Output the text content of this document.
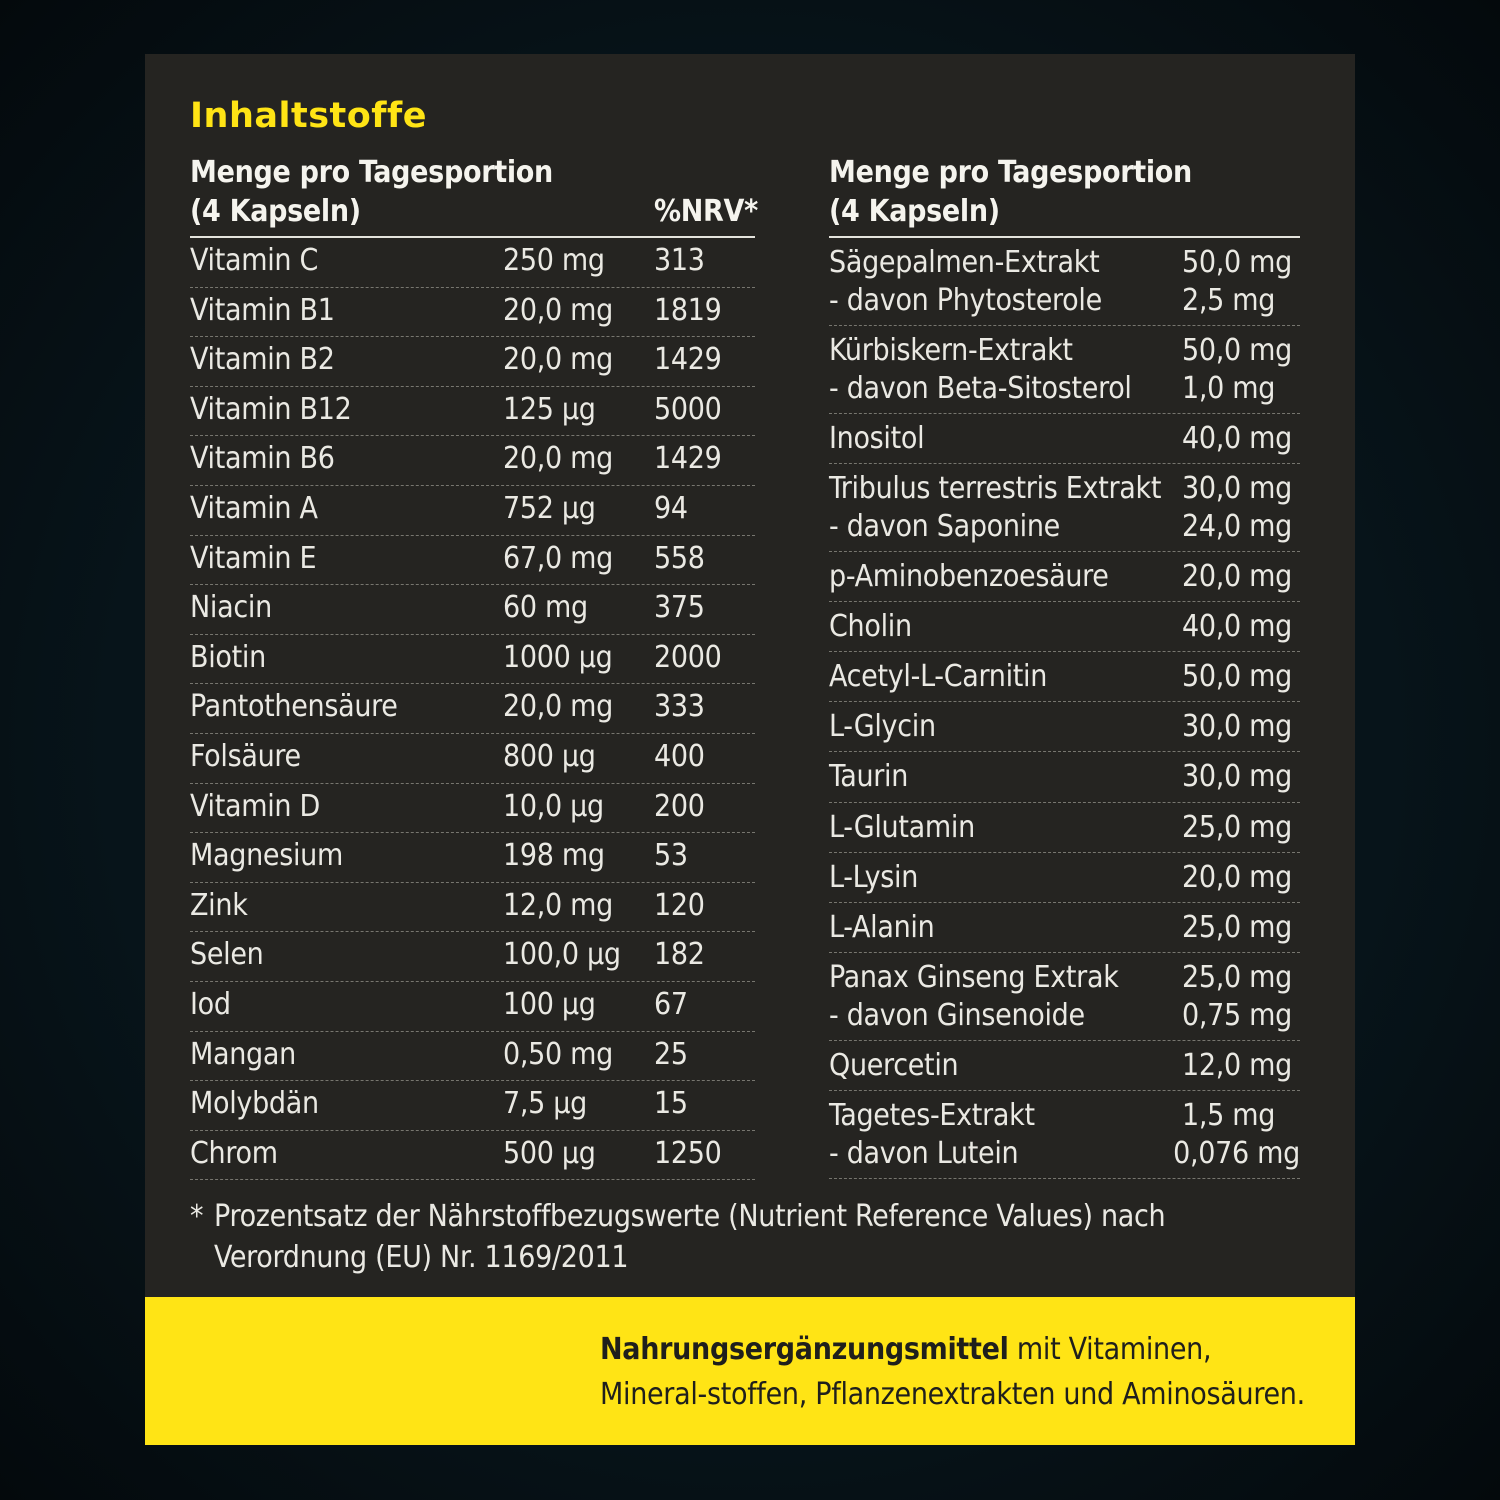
Inhaltstoffe
Menge pro Tagesportion
(4 Kapseln)	%NRV*
Vitamin C	250 mg	313
Vitamin B1	20,0 mg	1819
Vitamin B2	20,0 mg	1429
Vitamin B12	125 µg	5000
Vitamin B6	20,0 mg	1429
Vitamin A	752 µg	94
Vitamin E	67,0 mg	558
Niacin	60 mg	375
Biotin	1000 µg	2000
Pantothensäure	20,0 mg	333
Folsäure	800 µg	400
Vitamin D	10,0 µg	200
Magnesium	198 mg	53
Zink	12,0 mg	120
Selen	100,0 µg	182
Iod	100 µg	67
Mangan	0,50 mg	25
Molybdän	7,5 µg	15
Chrom	500 µg	1250
Menge pro Tagesportion
(4 Kapseln)
Sägepalmen-Extrakt	50,0 mg
- davon Phytosterole	2,5 mg
Kürbiskern-Extrakt	50,0 mg
- davon Beta-Sitosterol	1,0 mg
Inositol	40,0 mg
Tribulus terrestris Extrakt 30,0 mg
- davon Saponine	24,0 mg
p-Aminobenzoesäure	20,0 mg
Cholin	40,0 mg
Acetyl-L-Carnitin	50,0 mg
L-Glycin	30,0 mg
Taurin	30,0 mg
L-Glutamin	25,0 mg
L-Lysin	20,0 mg
L-Alanin	25,0 mg
Panax Ginseng Extrak	25,0 mg
- davon Ginsenoide	0,75 mg
Quercetin	12,0 mg
Tagetes-Extrakt	1,5 mg
- davon Lutein	0,076 mg
* Prozentsatz der Nährstoffbezugswerte (Nutrient Reference Values) nach Verordnung (EU) Nr. 1169/2011
Nahrungsergänzungsmittel mit Vitaminen, Mineral-stoffen, Pflanzenextrakten und Aminosäuren.
